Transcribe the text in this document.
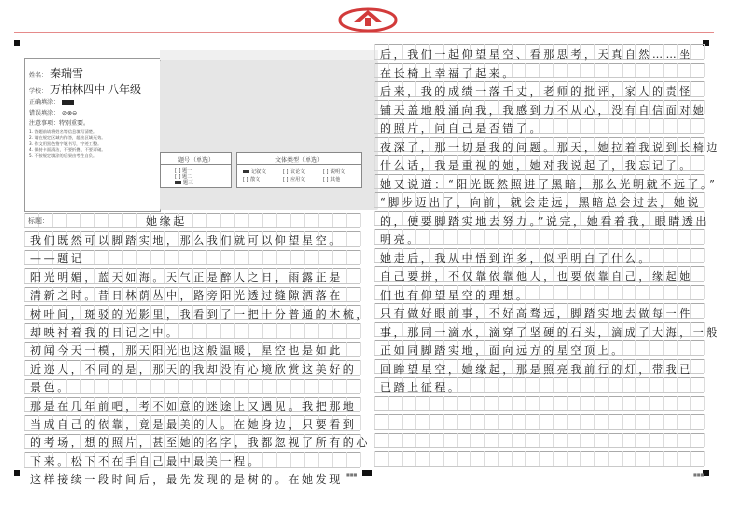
姓名： 秦瑞雪
学校： 万柏林四中 八年级
正确填涂：
错误填涂： ⊘⊗⊖
注意事项：特别重要。
1. 答题前请将姓名等信息填写清楚。
2. 请在规定区域内作答，超出区域无效。
3. 作文用黑色签字笔书写，字迹工整。
4. 保持卡面清洁，不要折叠、不要弄破。
5. 不按规定填涂的后果由考生自负。
题号（单选）
[ ] 题一
[ ] 题二
题三
文体类型（单选）
记叙文	[ ] 议论文	[ ] 说明文
[ ] 散文	[ ] 应用文	[ ] 其他
标题：	她缘起
我们既然可以脚踏实地，那么我们就可以仰望星空。
——题记
阳光明媚，蓝天如海。天气正是醉人之日，雨露正是
清新之时。昔日林荫丛中，路旁阳光透过缝隙洒落在
树叶间，斑驳的光影里，我看到了一把十分普通的木梳，
却映衬着我的日记之中。
初闻今天一模，那天阳光也这般温暖，星空也是如此
近迩人，不同的是，那天的我却没有心境欣赏这美好的
景色。
那是在几年前吧，考不如意的迷途上又遇见。我把那地
当成自己的依靠，竟是最美的人。在她身边，只要看到
的考场，想的照片，甚至她的名字，我都忽视了所有的心
下来。松下不在手自己最中最美一程。
这样接续一段时间后，最先发现的是树的。在她发现
后，我们一起仰望星空、看那思考，天真自然……坐
在长椅上幸福了起来。
后来，我的成绩一落千丈，老师的批评，家人的责怪
铺天盖地般涌向我，我感到力不从心，没有自信面对她
的照片，问自己是否错了。
夜深了，那一切是我的问题。那天，她拉着我说到长椅边
什么话，我是重视的她，她对我说起了，我忘记了。
她又说道：“阳光既然照进了黑暗，那么光明就不远了。”
“脚步迈出了，向前，就会走远，黑暗总会过去，她说
的，便要脚踏实地去努力。”说完，她看着我，眼睛透出
明亮。
她走后，我从中悟到许多，似乎明白了什么。
自己要拼，不仅靠依靠他人，也要依靠自己，缘起她
们也有仰望星空的理想。
只有做好眼前事，不好高骛远，脚踏实地去做每一件
事，那同一滴水，滴穿了坚硬的石头，滴成了大海，一般
正如同脚踏实地，面向远方的星空顶上。
回眸望星空，她缘起，那是照亮我前行的灯，带我已
已踏上征程。
■■■	■■■
